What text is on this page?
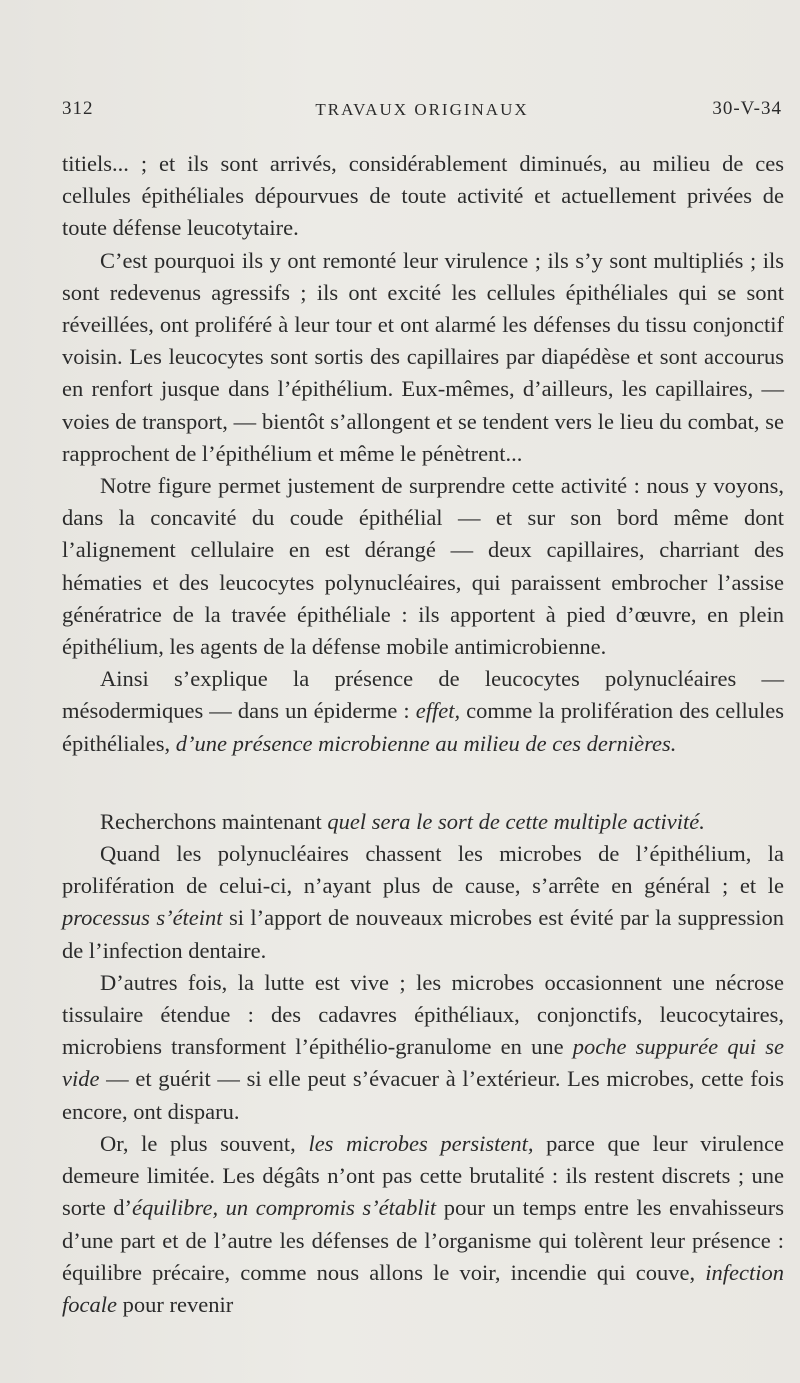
312	TRAVAUX ORIGINAUX	30-V-34

titiels... ; et ils sont arrivés, considérablement diminués, au milieu de ces cellules épithéliales dépourvues de toute activité et actuellement privées de toute défense leucotytaire.

C’est pourquoi ils y ont remonté leur virulence ; ils s’y sont multipliés ; ils sont redevenus agressifs ; ils ont excité les cellules épithéliales qui se sont réveillées, ont proliféré à leur tour et ont alarmé les défenses du tissu conjonctif voisin. Les leucocytes sont sortis des capillaires par diapédèse et sont accourus en renfort jusque dans l’épithélium. Eux-mêmes, d’ailleurs, les capillaires, — voies de transport, — bientôt s’allongent et se tendent vers le lieu du combat, se rapprochent de l’épithélium et même le pénètrent...

Notre figure permet justement de surprendre cette activité : nous y voyons, dans la concavité du coude épithélial — et sur son bord même dont l’alignement cellulaire en est dérangé — deux capillaires, charriant des hématies et des leucocytes polynucléaires, qui paraissent embrocher l’assise génératrice de la travée épithéliale : ils apportent à pied d’œuvre, en plein épithélium, les agents de la défense mobile antimicrobienne.

Ainsi s’explique la présence de leucocytes polynucléaires — mésodermiques — dans un épiderme : effet, comme la prolifération des cellules épithéliales, d’une présence microbienne au milieu de ces dernières.

Recherchons maintenant quel sera le sort de cette multiple activité.

Quand les polynucléaires chassent les microbes de l’épithélium, la prolifération de celui-ci, n’ayant plus de cause, s’arrête en général ; et le processus s’éteint si l’apport de nouveaux microbes est évité par la suppression de l’infection dentaire.

D’autres fois, la lutte est vive ; les microbes occasionnent une nécrose tissulaire étendue : des cadavres épithéliaux, conjonctifs, leucocytaires, microbiens transforment l’épithélio-granulome en une poche suppurée qui se vide — et guérit — si elle peut s’évacuer à l’extérieur. Les microbes, cette fois encore, ont disparu.

Or, le plus souvent, les microbes persistent, parce que leur virulence demeure limitée. Les dégâts n’ont pas cette brutalité : ils restent discrets ; une sorte d’équilibre, un compromis s’établit pour un temps entre les envahisseurs d’une part et de l’autre les défenses de l’organisme qui tolèrent leur présence : équilibre précaire, comme nous allons le voir, incendie qui couve, infection focale pour revenir
